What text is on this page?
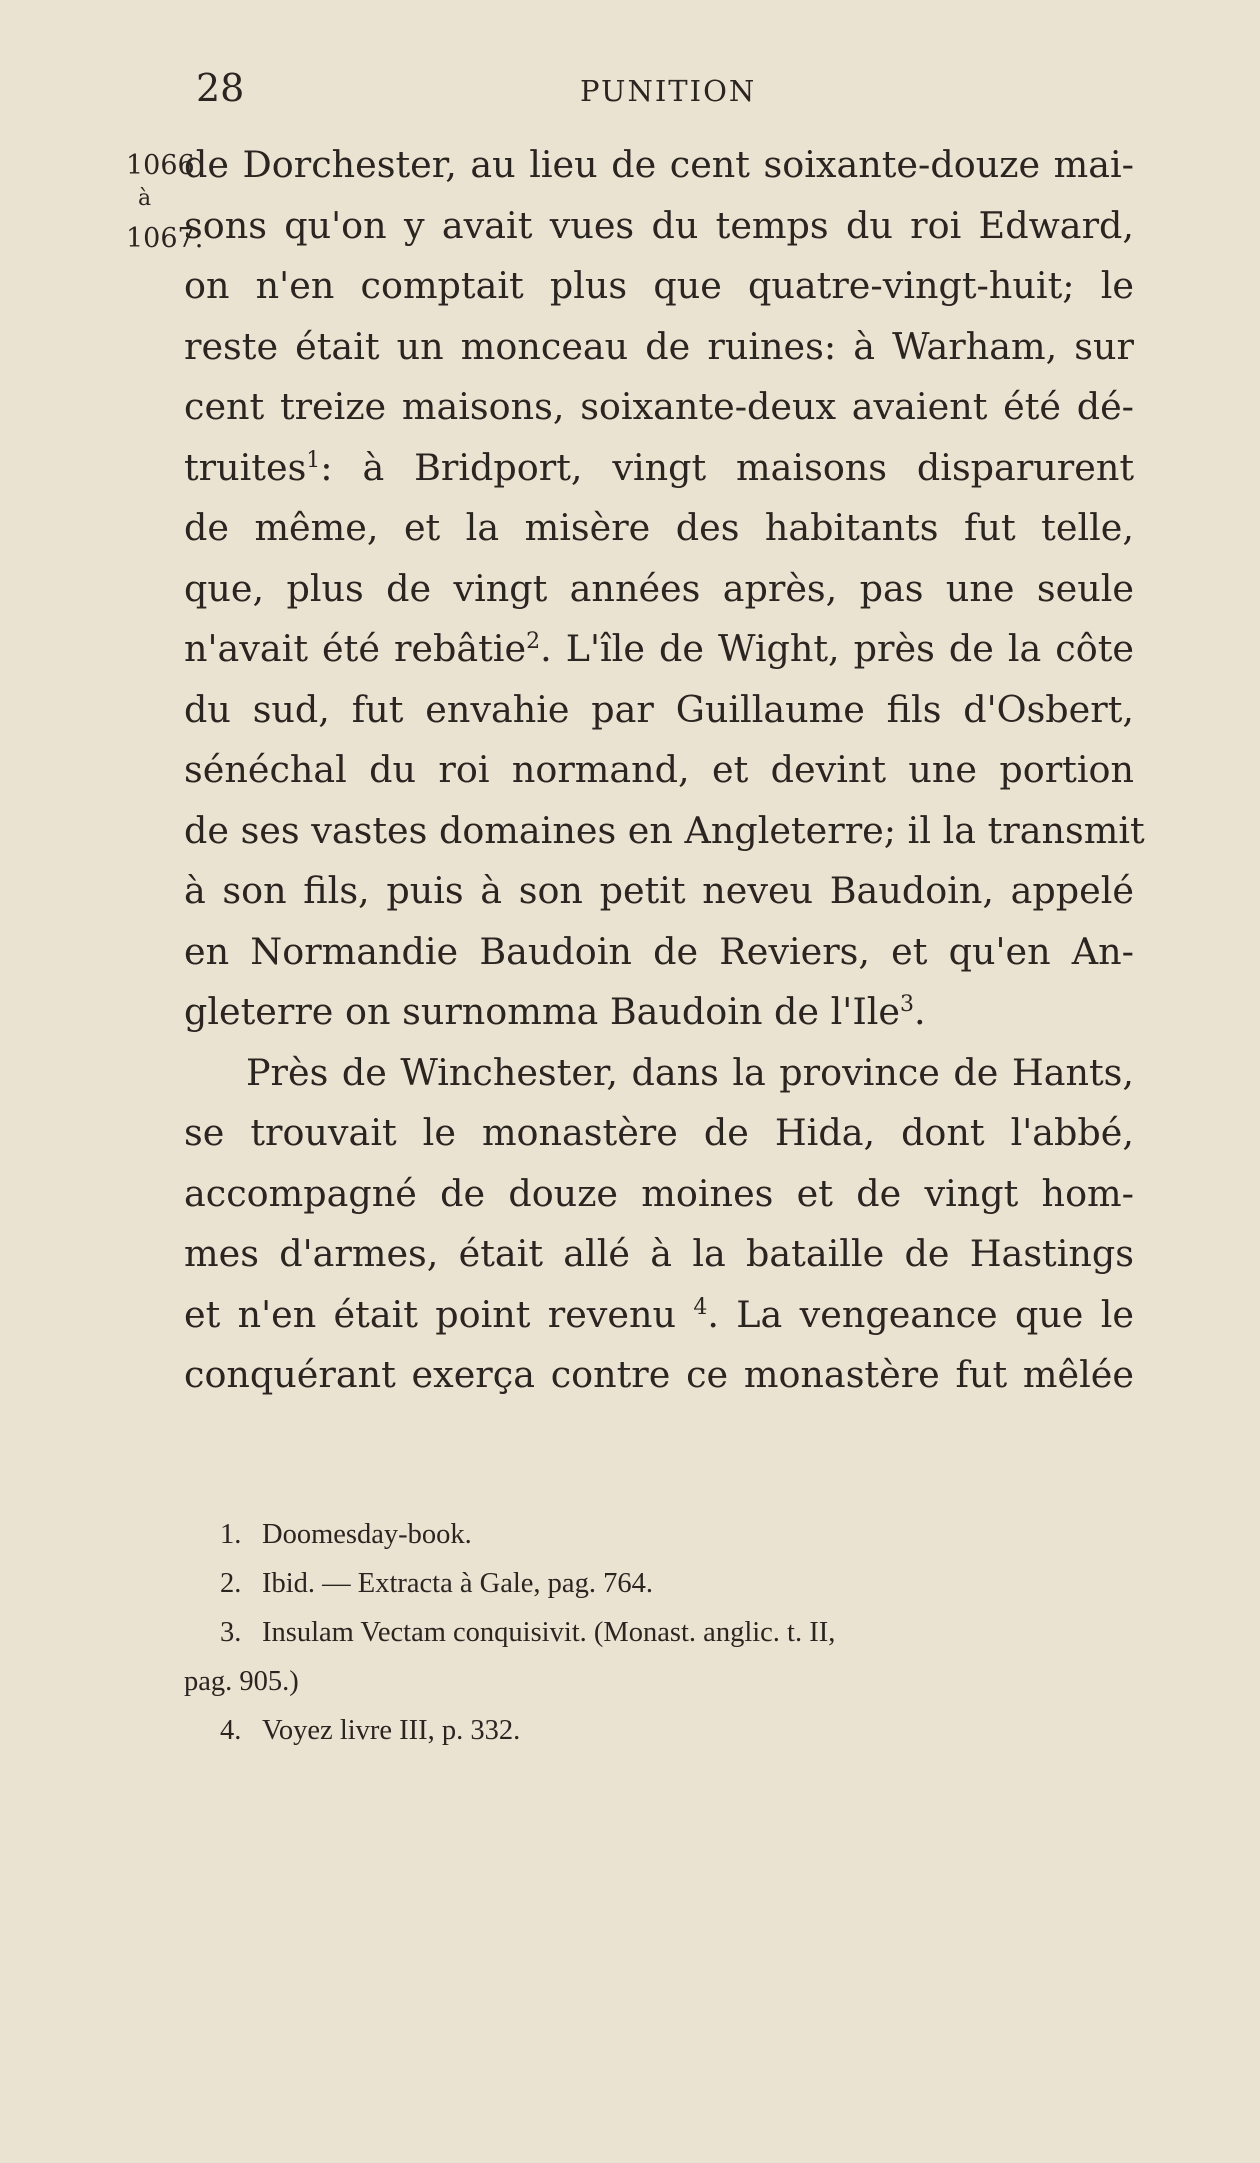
28	PUNITION
1066
à
1067.
de Dorchester, au lieu de cent soixante-douze mai-
sons qu'on y avait vues du temps du roi Edward,
on n'en comptait plus que quatre-vingt-huit; le
reste était un monceau de ruines: à Warham, sur
cent treize maisons, soixante-deux avaient été dé-
truites$^1$: à Bridport, vingt maisons disparurent
de même, et la misère des habitants fut telle,
que, plus de vingt années après, pas une seule
n'avait été rebâtie$^2$. L'île de Wight, près de la côte
du sud, fut envahie par Guillaume fils d'Osbert,
sénéchal du roi normand, et devint une portion
de ses vastes domaines en Angleterre; il la transmit
à son fils, puis à son petit neveu Baudoin, appelé
en Normandie Baudoin de Reviers, et qu'en An-
gleterre on surnomma Baudoin de l'Ile$^3$.
Près de Winchester, dans la province de Hants,
se trouvait le monastère de Hida, dont l'abbé,
accompagné de douze moines et de vingt hom-
mes d'armes, était allé à la bataille de Hastings
et n'en était point revenu $^4$. La vengeance que le
conquérant exerça contre ce monastère fut mêlée
1. Doomesday-book.
2. Ibid. — Extracta à Gale, pag. 764.
3. Insulam Vectam conquisivit. (Monast. anglic. t. II,
pag. 905.)
4. Voyez livre III, p. 332.
